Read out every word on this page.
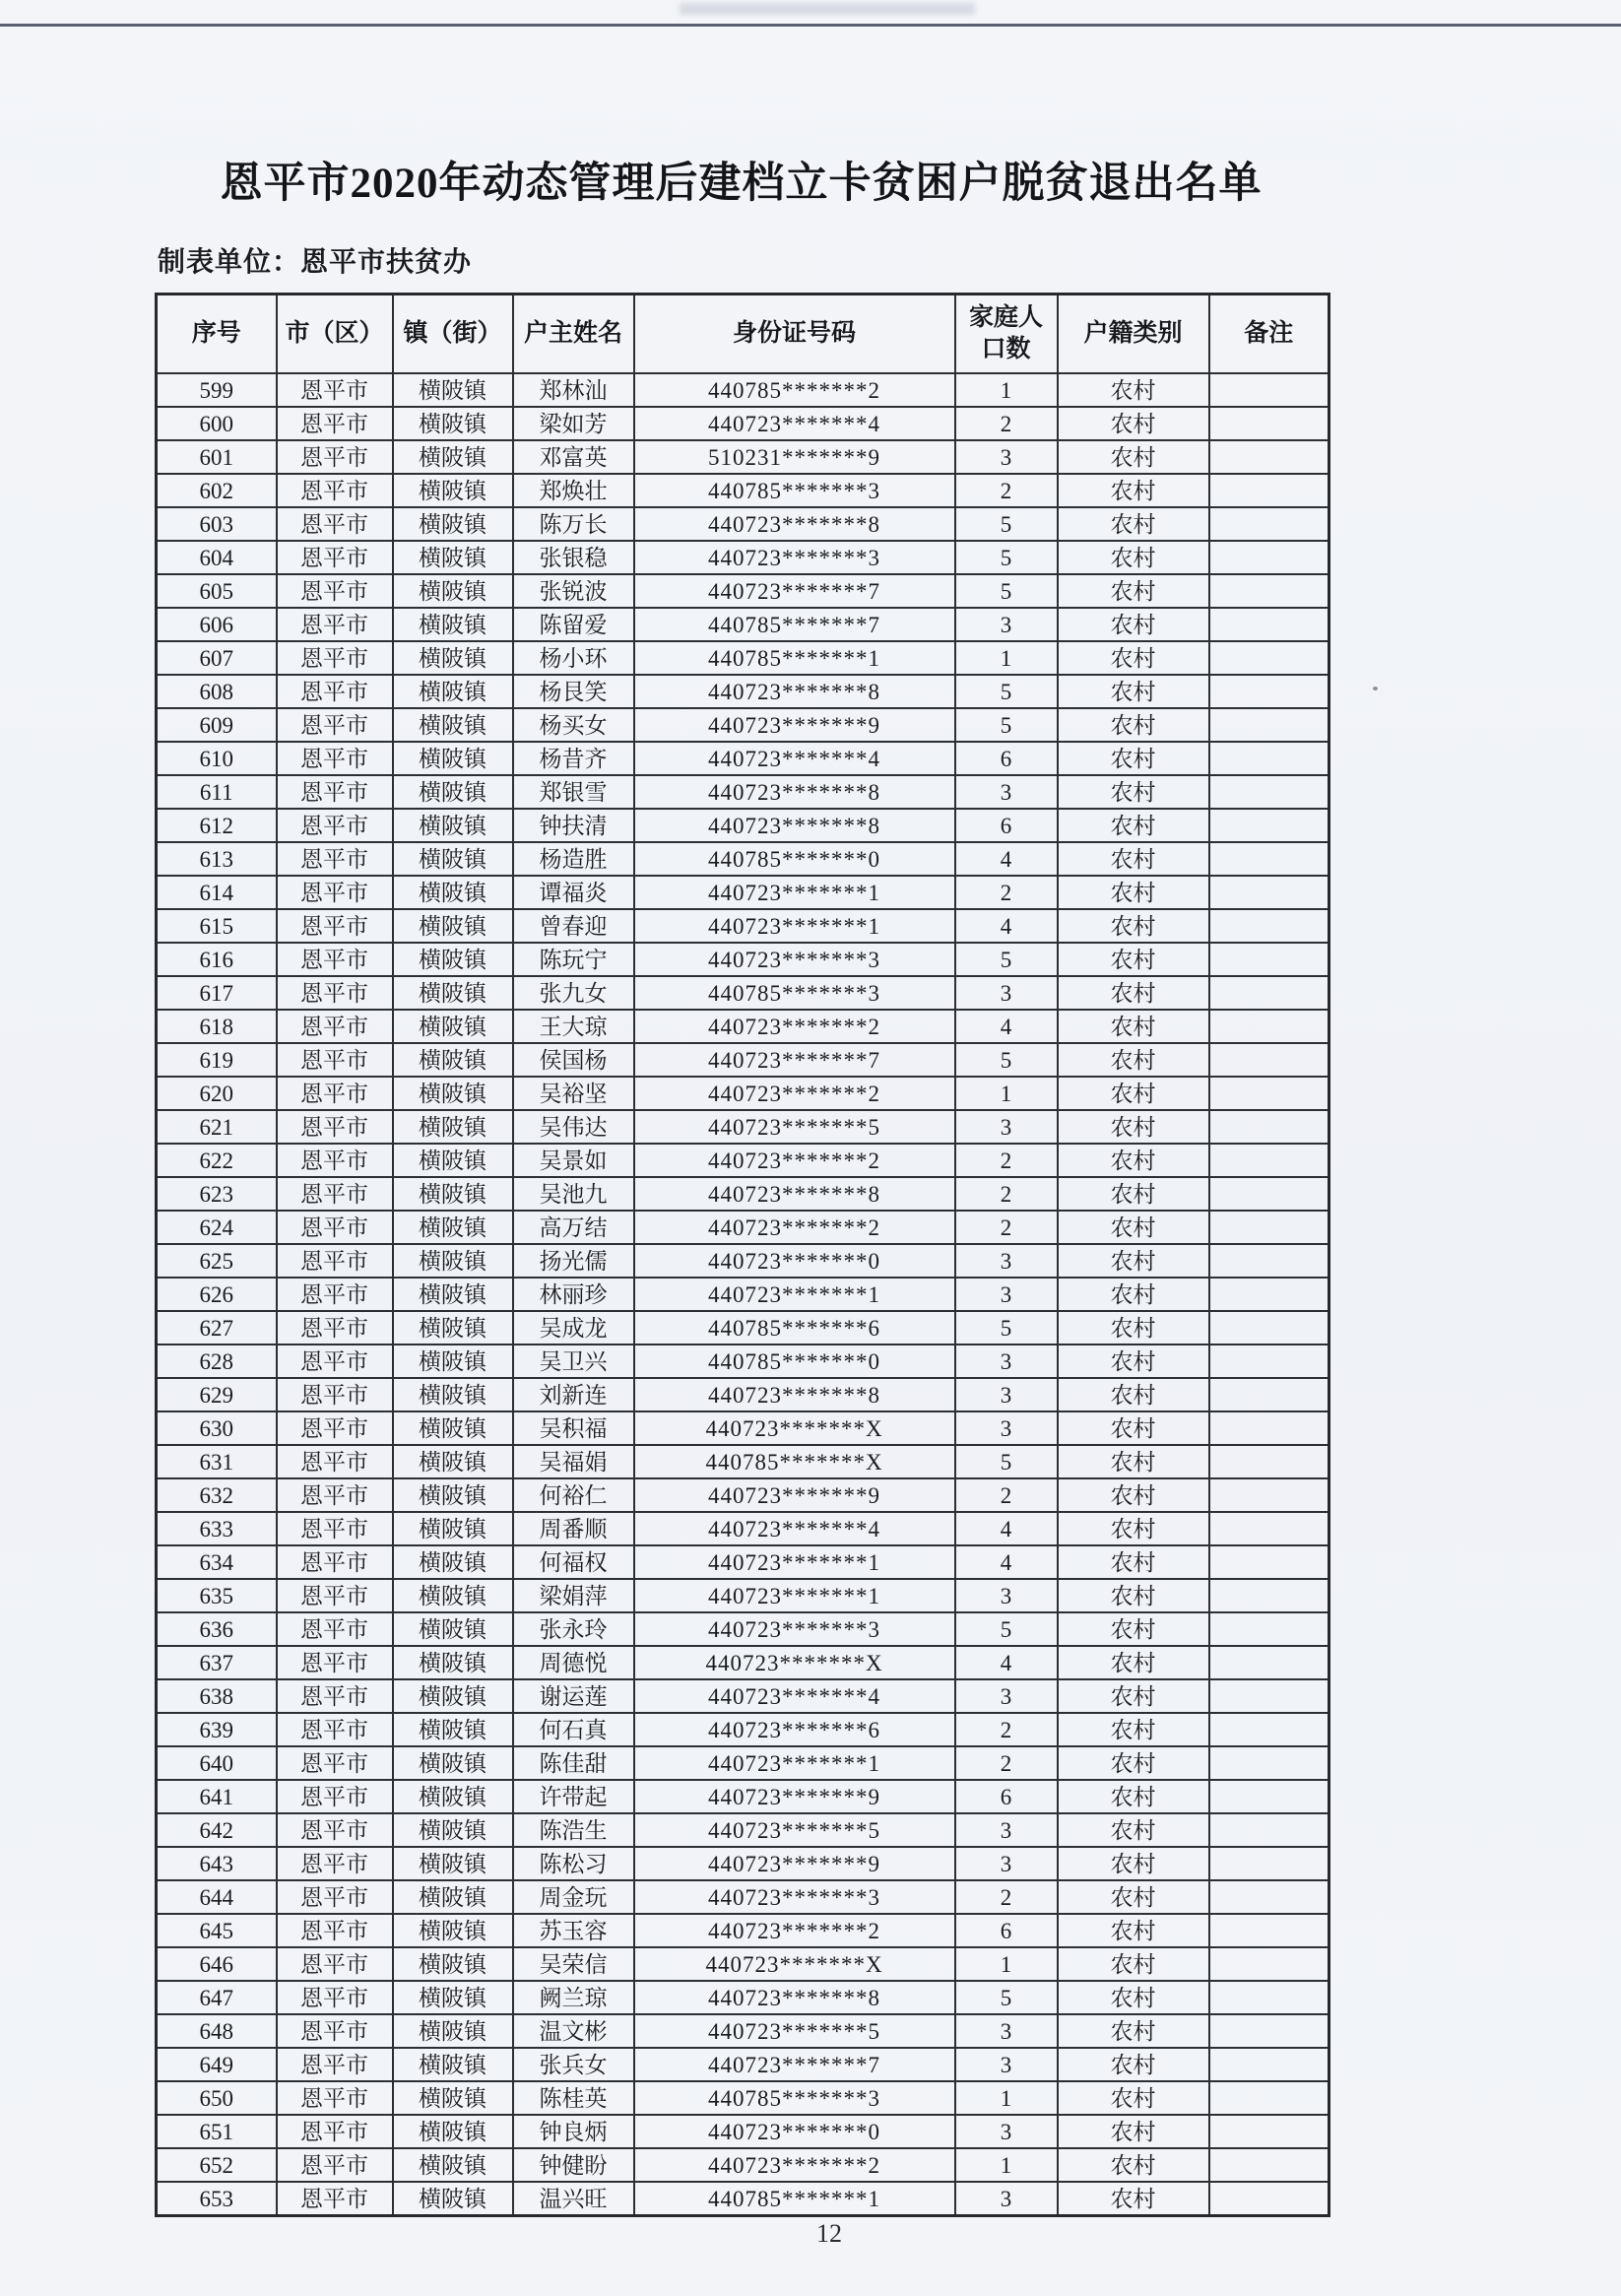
恩平市2020年动态管理后建档立卡贫困户脱贫退出名单
制表单位：恩平市扶贫办
序号	市（区）	镇（街）	户主姓名	身份证号码	家庭人口数	户籍类别	备注
599	恩平市	横陂镇	郑林汕	440785*******2	1	农村	
600	恩平市	横陂镇	梁如芳	440723*******4	2	农村	
601	恩平市	横陂镇	邓富英	510231*******9	3	农村	
602	恩平市	横陂镇	郑焕壮	440785*******3	2	农村	
603	恩平市	横陂镇	陈万长	440723*******8	5	农村	
604	恩平市	横陂镇	张银稳	440723*******3	5	农村	
605	恩平市	横陂镇	张锐波	440723*******7	5	农村	
606	恩平市	横陂镇	陈留爱	440785*******7	3	农村	
607	恩平市	横陂镇	杨小环	440785*******1	1	农村	
608	恩平市	横陂镇	杨艮笑	440723*******8	5	农村	
609	恩平市	横陂镇	杨买女	440723*******9	5	农村	
610	恩平市	横陂镇	杨昔齐	440723*******4	6	农村	
611	恩平市	横陂镇	郑银雪	440723*******8	3	农村	
612	恩平市	横陂镇	钟扶清	440723*******8	6	农村	
613	恩平市	横陂镇	杨造胜	440785*******0	4	农村	
614	恩平市	横陂镇	谭福炎	440723*******1	2	农村	
615	恩平市	横陂镇	曾春迎	440723*******1	4	农村	
616	恩平市	横陂镇	陈玩宁	440723*******3	5	农村	
617	恩平市	横陂镇	张九女	440785*******3	3	农村	
618	恩平市	横陂镇	王大琼	440723*******2	4	农村	
619	恩平市	横陂镇	侯国杨	440723*******7	5	农村	
620	恩平市	横陂镇	吴裕坚	440723*******2	1	农村	
621	恩平市	横陂镇	吴伟达	440723*******5	3	农村	
622	恩平市	横陂镇	吴景如	440723*******2	2	农村	
623	恩平市	横陂镇	吴池九	440723*******8	2	农村	
624	恩平市	横陂镇	高万结	440723*******2	2	农村	
625	恩平市	横陂镇	扬光儒	440723*******0	3	农村	
626	恩平市	横陂镇	林丽珍	440723*******1	3	农村	
627	恩平市	横陂镇	吴成龙	440785*******6	5	农村	
628	恩平市	横陂镇	吴卫兴	440785*******0	3	农村	
629	恩平市	横陂镇	刘新连	440723*******8	3	农村	
630	恩平市	横陂镇	吴积福	440723*******X	3	农村	
631	恩平市	横陂镇	吴福娟	440785*******X	5	农村	
632	恩平市	横陂镇	何裕仁	440723*******9	2	农村	
633	恩平市	横陂镇	周番顺	440723*******4	4	农村	
634	恩平市	横陂镇	何福权	440723*******1	4	农村	
635	恩平市	横陂镇	梁娟萍	440723*******1	3	农村	
636	恩平市	横陂镇	张永玲	440723*******3	5	农村	
637	恩平市	横陂镇	周德悦	440723*******X	4	农村	
638	恩平市	横陂镇	谢运莲	440723*******4	3	农村	
639	恩平市	横陂镇	何石真	440723*******6	2	农村	
640	恩平市	横陂镇	陈佳甜	440723*******1	2	农村	
641	恩平市	横陂镇	许带起	440723*******9	6	农村	
642	恩平市	横陂镇	陈浩生	440723*******5	3	农村	
643	恩平市	横陂镇	陈松习	440723*******9	3	农村	
644	恩平市	横陂镇	周金玩	440723*******3	2	农村	
645	恩平市	横陂镇	苏玉容	440723*******2	6	农村	
646	恩平市	横陂镇	吴荣信	440723*******X	1	农村	
647	恩平市	横陂镇	阙兰琼	440723*******8	5	农村	
648	恩平市	横陂镇	温文彬	440723*******5	3	农村	
649	恩平市	横陂镇	张兵女	440723*******7	3	农村	
650	恩平市	横陂镇	陈桂英	440785*******3	1	农村	
651	恩平市	横陂镇	钟良炳	440723*******0	3	农村	
652	恩平市	横陂镇	钟健盼	440723*******2	1	农村	
653	恩平市	横陂镇	温兴旺	440785*******1	3	农村	
12
